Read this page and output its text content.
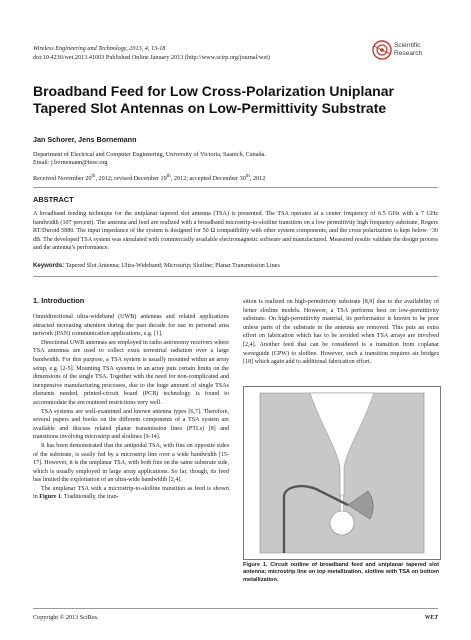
Wireless Engineering and Technology, 2013, 4, 13-18
doi:10.4236/wet.2013.41003 Published Online January 2013 (http://www.scirp.org/journal/wet)
Scientific
Research
Broadband Feed for Low Cross-Polarization Uniplanar Tapered Slot Antennas on Low-Permittivity Substrate
Jan Schorer, Jens Bornemann
Department of Electrical and Computer Engineering, University of Victoria, Saanich, Canada.
Email: j.bornemann@ieee.org
Received November 20th, 2012; revised December 19th, 2012; accepted December 30th, 2012
ABSTRACT
A broadband feeding technique for the uniplanar tapered slot antenna (TSA) is presented. The TSA operates at a center frequency of 6.5 GHz with a 7 GHz bandwidth (107 percent). The antenna and feed are realized with a broadband microstrip-to-slotline transition on a low permittivity high frequency substrate, Rogers RT/Duroid 5880. The input impedance of the system is designed for 50 Ω compatibility with other system components, and the cross polarization is kept below −30 dB. The developed TSA system was simulated with commercially available electromagnetic software and manufactured. Measured results validate the design process and the antenna’s performance.
Keywords: Tapered Slot Antenna; Ultra-Wideband; Microstrip; Slotline; Planar Transmission Lines
1. Introduction

Omnidirectional ultra-wideband (UWB) antennas and related applications attracted increasing attention during the past decade for use in personal area network (PAN) communication applications, e.g. [1].

Directional UWB antennas are employed in radio astronomy receivers where TSA antennas are used to collect extra terrestrial radiation over a large bandwidth. For this purpose, a TSA system is usually mounted within an array setup, e.g. [2-5]. Mounting TSA systems in an array puts certain limits on the dimensions of the single TSA. Together with the need for non-complicated and inexpensive manufacturing processes, due to the huge amount of single TSAs elements needed, printed-circuit board (PCB) technology is found to accommodate the encountered restrictions very well.

TSA systems are well-examined and known antenna types [6,7]. Therefore, several papers and books on the different components of a TSA system are available and discuss related planar transmission lines (PTLs) [8] and transitions involving microstrip and slotlines [9-14].

It has been demonstrated that the antipodal TSA, with fins on opposite sides of the substrate, is easily fed by a microstrip line over a wide bandwidth [15-17]. However, it is the uniplanar TSA, with both fins on the same substrate side, which is usually employed in large array applications. So far, though, its feed has limited the exploitation of an ultra-wide bandwidth [2,4].

The uniplanar TSA with a microstrip-to-slotline transition as feed is shown in Figure 1. Traditionally, the tran-

sition is realized on high-permittivity substrate [8,9] due to the availability of better slotline models. However, a TSA performs best on low-permittivity substrate. On high-permittivity material, its performance is known to be poor unless parts of the substrate in the antenna are removed. This puts an extra effort on fabrication which has to be avoided when TSA arrays are involved [2,4]. Another feed that can be considered is a transition from coplanar waveguide (CPW) to slotline. However, such a transition requires air bridges [18] which again add to additional fabrication effort.

Figure 1. Circuit outline of broadband feed and uniplanar tapered slot antenna; microstrip line on top metallization, slotline with TSA on bottom metallization.
Copyright © 2013 SciRes.	WET
